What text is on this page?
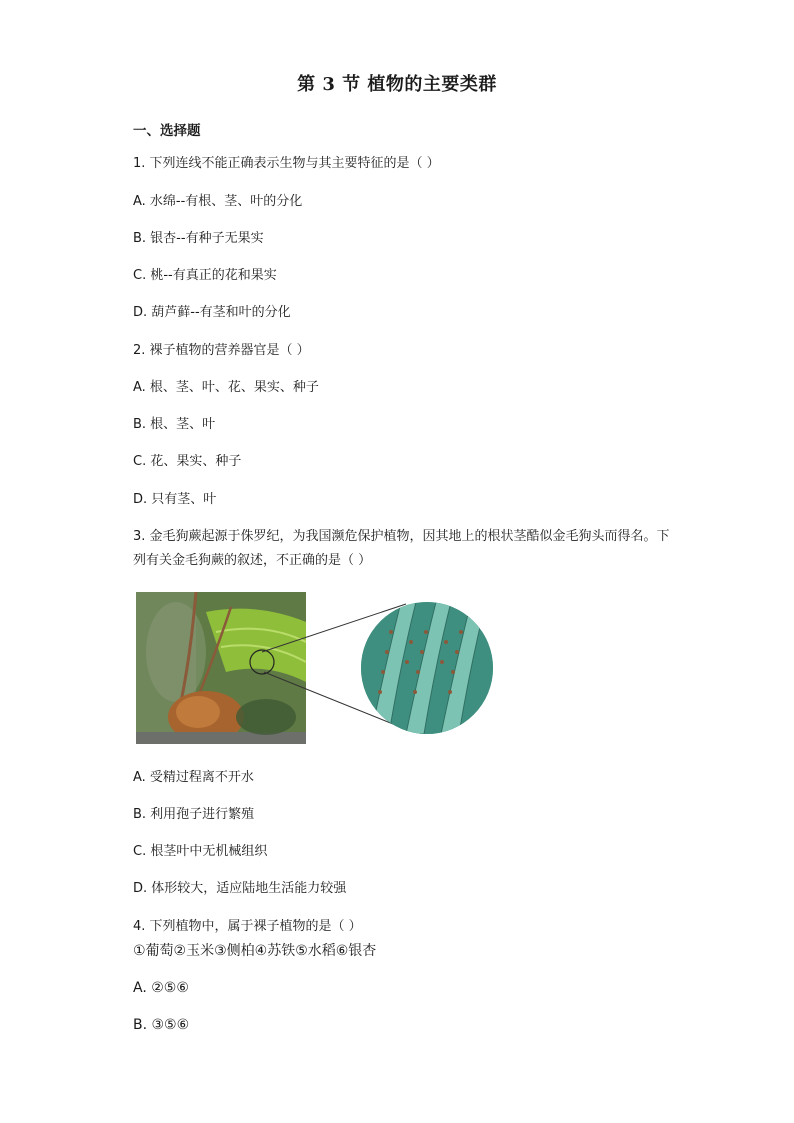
第 3 节 植物的主要类群
一、选择题
1. 下列连线不能正确表示生物与其主要特征的是（ ）
A. 水绵--有根、茎、叶的分化
B. 银杏--有种子无果实
C. 桃--有真正的花和果实
D. 葫芦藓--有茎和叶的分化
2. 裸子植物的营养器官是（ ）
A. 根、茎、叶、花、果实、种子
B. 根、茎、叶
C. 花、果实、种子
D. 只有茎、叶
3. 金毛狗蕨起源于侏罗纪，为我国濒危保护植物，因其地上的根状茎酷似金毛狗头而得名。下列有关金毛狗蕨的叙述，不正确的是（ ）
A. 受精过程离不开水
B. 利用孢子进行繁殖
C. 根茎叶中无机械组织
D. 体形较大，适应陆地生活能力较强
4. 下列植物中，属于裸子植物的是（ ）
①葡萄②玉米③侧柏④苏铁⑤水稻⑥银杏
A. ②⑤⑥
B. ③⑤⑥
